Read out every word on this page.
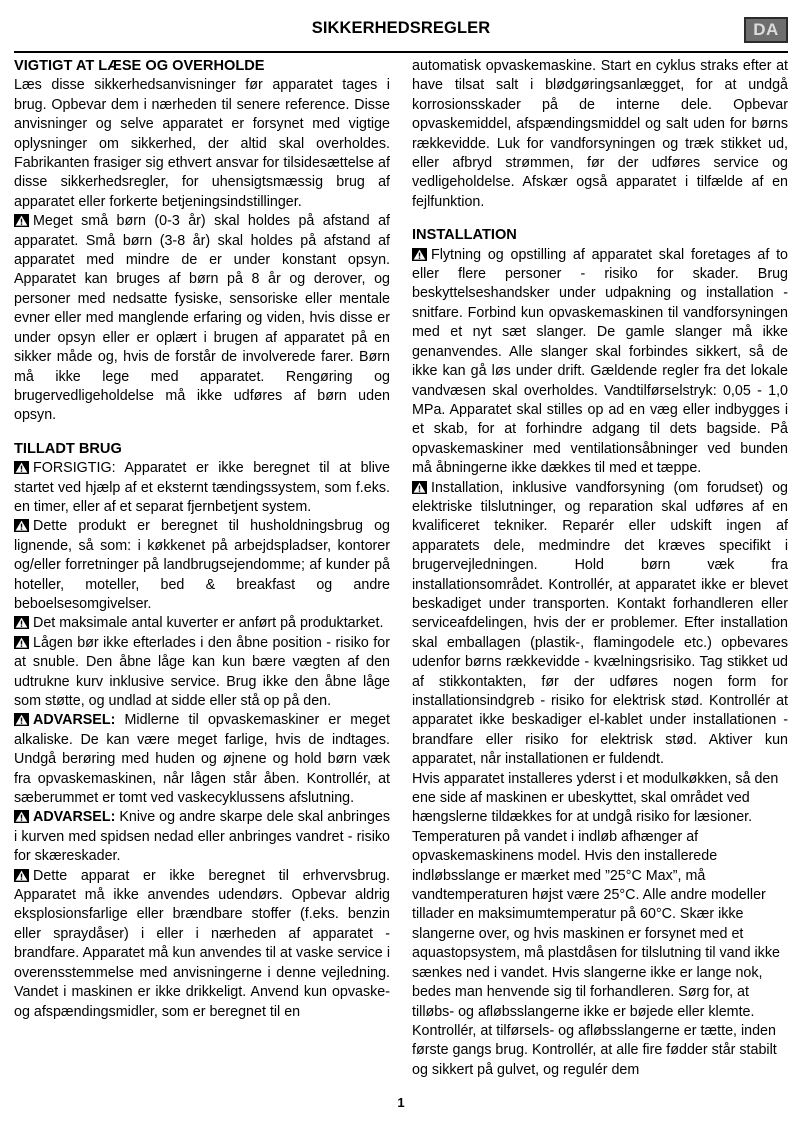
SIKKERHEDSREGLER	DA
VIGTIGT AT LÆSE OG OVERHOLDE

Læs disse sikkerhedsanvisninger før apparatet tages i brug. Opbevar dem i nærheden til senere reference. Disse anvisninger og selve apparatet er forsynet med vigtige oplysninger om sikkerhed, der altid skal overholdes. Fabrikanten frasiger sig ethvert ansvar for tilsidesættelse af disse sikkerhedsregler, for uhensigtsmæssig brug af apparatet eller forkerte betjeningsindstillinger.

Meget små børn (0-3 år) skal holdes på afstand af apparatet. Små børn (3-8 år) skal holdes på afstand af apparatet med mindre de er under konstant opsyn. Apparatet kan bruges af børn på 8 år og derover, og personer med nedsatte fysiske, sensoriske eller mentale evner eller med manglende erfaring og viden, hvis disse er under opsyn eller er oplært i brugen af apparatet på en sikker måde og, hvis de forstår de involverede farer. Børn må ikke lege med apparatet. Rengøring og brugervedligeholdelse må ikke udføres af børn uden opsyn.

TILLADT BRUG

FORSIGTIG: Apparatet er ikke beregnet til at blive startet ved hjælp af et eksternt tændingssystem, som f.eks. en timer, eller af et separat fjernbetjent system.

Dette produkt er beregnet til husholdningsbrug og lignende, så som: i køkkenet på arbejdspladser, kontorer og/eller forretninger på landbrugsejendomme; af kunder på hoteller, moteller, bed & breakfast og andre beboelsesomgivelser.

Det maksimale antal kuverter er anført på produktarket.

Lågen bør ikke efterlades i den åbne position - risiko for at snuble. Den åbne låge kan kun bære vægten af den udtrukne kurv inklusive service. Brug ikke den åbne låge som støtte, og undlad at sidde eller stå op på den.

ADVARSEL: Midlerne til opvaskemaskiner er meget alkaliske. De kan være meget farlige, hvis de indtages. Undgå berøring med huden og øjnene og hold børn væk fra opvaskemaskinen, når lågen står åben. Kontrollér, at sæberummet er tomt ved vaskecyklussens afslutning.

ADVARSEL: Knive og andre skarpe dele skal anbringes i kurven med spidsen nedad eller anbringes vandret - risiko for skæreskader.

Dette apparat er ikke beregnet til erhvervsbrug. Apparatet må ikke anvendes udendørs. Opbevar aldrig eksplosionsfarlige eller brændbare stoffer (f.eks. benzin eller spraydåser) i eller i nærheden af apparatet - brandfare. Apparatet må kun anvendes til at vaske service i overensstemmelse med anvisningerne i denne vejledning. Vandet i maskinen er ikke drikkeligt. Anvend kun opvaske- og afspændingsmidler, som er beregnet til en

automatisk opvaskemaskine. Start en cyklus straks efter at have tilsat salt i blødgøringsanlægget, for at undgå korrosionsskader på de interne dele. Opbevar opvaskemiddel, afspændingsmiddel og salt uden for børns rækkevidde. Luk for vandforsyningen og træk stikket ud, eller afbryd strømmen, før der udføres service og vedligeholdelse. Afskær også apparatet i tilfælde af en fejlfunktion.

INSTALLATION

Flytning og opstilling af apparatet skal foretages af to eller flere personer - risiko for skader. Brug beskyttelseshandsker under udpakning og installation - snitfare. Forbind kun opvaskemaskinen til vandforsyningen med et nyt sæt slanger. De gamle slanger må ikke genanvendes. Alle slanger skal forbindes sikkert, så de ikke kan gå løs under drift. Gældende regler fra det lokale vandvæsen skal overholdes. Vandtilførselstryk: 0,05 - 1,0 MPa. Apparatet skal stilles op ad en væg eller indbygges i et skab, for at forhindre adgang til dets bagside. På opvaskemaskiner med ventilationsåbninger ved bunden må åbningerne ikke dækkes til med et tæppe.

Installation, inklusive vandforsyning (om forudset) og elektriske tilslutninger, og reparation skal udføres af en kvalificeret tekniker. Reparér eller udskift ingen af apparatets dele, medmindre det kræves specifikt i brugervejledningen. Hold børn væk fra installationsområdet. Kontrollér, at apparatet ikke er blevet beskadiget under transporten. Kontakt forhandleren eller serviceafdelingen, hvis der er problemer. Efter installation skal emballagen (plastik-, flamingodele etc.) opbevares udenfor børns rækkevidde - kvælningsrisiko. Tag stikket ud af stikkontakten, før der udføres nogen form for installationsindgreb - risiko for elektrisk stød. Kontrollér at apparatet ikke beskadiger el-kablet under installationen - brandfare eller risiko for elektrisk stød. Aktiver kun apparatet, når installationen er fuldendt.

Hvis apparatet installeres yderst i et modulkøkken, så den ene side af maskinen er ubeskyttet, skal området ved hængslerne tildækkes for at undgå risiko for læsioner. Temperaturen på vandet i indløb afhænger af opvaskemaskinens model. Hvis den installerede indløbsslange er mærket med ”25°C Max”, må vandtemperaturen højst være 25°C. Alle andre modeller tillader en maksimumtemperatur på 60°C. Skær ikke slangerne over, og hvis maskinen er forsynet med et aquastopsystem, må plastdåsen for tilslutning til vand ikke sænkes ned i vandet. Hvis slangerne ikke er lange nok, bedes man henvende sig til forhandleren. Sørg for, at tilløbs- og afløbsslangerne ikke er bøjede eller klemte. Kontrollér, at tilførsels- og afløbsslangerne er tætte, inden første gangs brug. Kontrollér, at alle fire fødder står stabilt og sikkert på gulvet, og regulér dem

1
